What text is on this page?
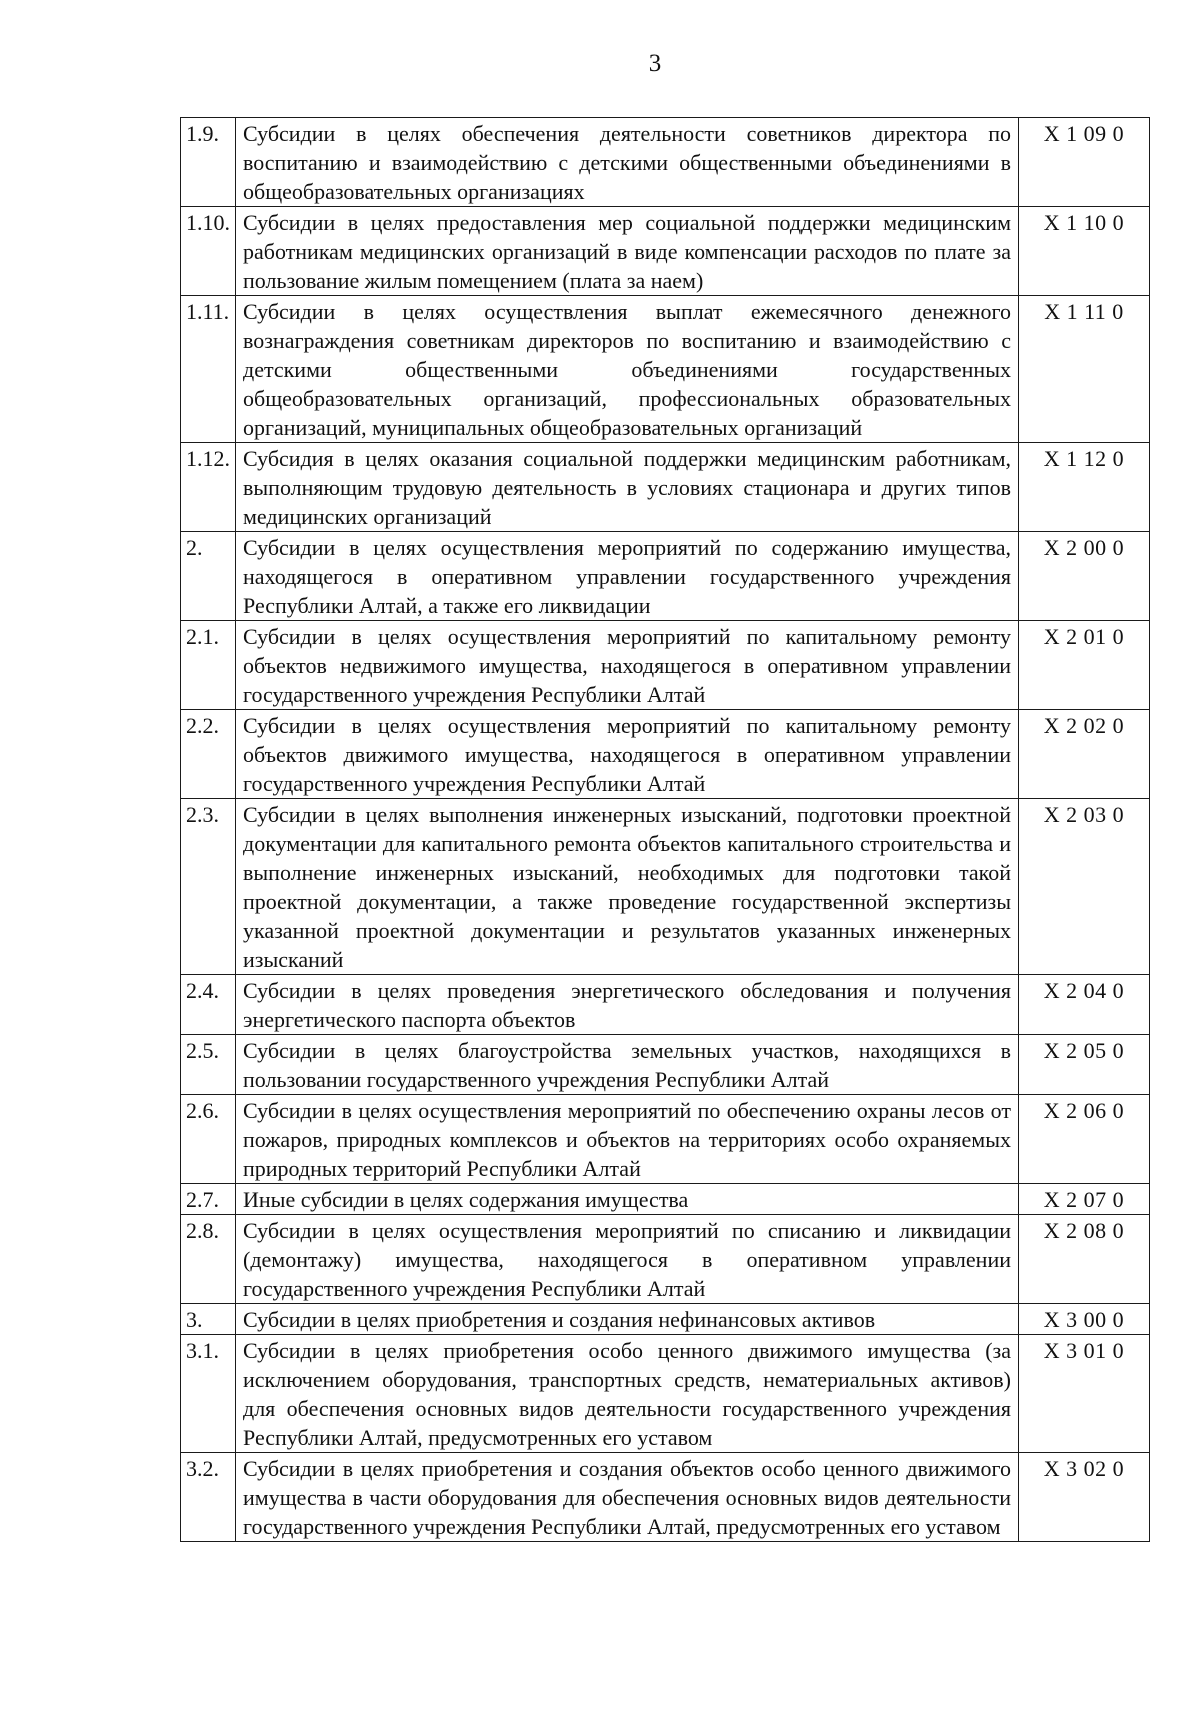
3
1.9.	Субсидии в целях обеспечения деятельности советников директора по воспитанию и взаимодействию с детскими общественными объединениями в общеобразовательных организациях	X 1 09 0
1.10.	Субсидии в целях предоставления мер социальной поддержки медицинским работникам медицинских организаций в виде компенсации расходов по плате за пользование жилым помещением (плата за наем)	X 1 10 0
1.11.	Субсидии в целях осуществления выплат ежемесячного денежного вознаграждения советникам директоров по воспитанию и взаимодействию с детскими общественными объединениями государственных общеобразовательных организаций, профессиональных образовательных организаций, муниципальных общеобразовательных организаций	X 1 11 0
1.12.	Субсидия в целях оказания социальной поддержки медицинским работникам, выполняющим трудовую деятельность в условиях стационара и других типов медицинских организаций	X 1 12 0
2.	Субсидии в целях осуществления мероприятий по содержанию имущества, находящегося в оперативном управлении государственного учреждения Республики Алтай, а также его ликвидации	X 2 00 0
2.1.	Субсидии в целях осуществления мероприятий по капитальному ремонту объектов недвижимого имущества, находящегося в оперативном управлении государственного учреждения Республики Алтай	X 2 01 0
2.2.	Субсидии в целях осуществления мероприятий по капитальному ремонту объектов движимого имущества, находящегося в оперативном управлении государственного учреждения Республики Алтай	X 2 02 0
2.3.	Субсидии в целях выполнения инженерных изысканий, подготовки проектной документации для капитального ремонта объектов капитального строительства и выполнение инженерных изысканий, необходимых для подготовки такой проектной документации, а также проведение государственной экспертизы указанной проектной документации и результатов указанных инженерных изысканий	X 2 03 0
2.4.	Субсидии в целях проведения энергетического обследования и получения энергетического паспорта объектов	X 2 04 0
2.5.	Субсидии в целях благоустройства земельных участков, находящихся в пользовании государственного учреждения Республики Алтай	X 2 05 0
2.6.	Субсидии в целях осуществления мероприятий по обеспечению охраны лесов от пожаров, природных комплексов и объектов на территориях особо охраняемых природных территорий Республики Алтай	X 2 06 0
2.7.	Иные субсидии в целях содержания имущества	X 2 07 0
2.8.	Субсидии в целях осуществления мероприятий по списанию и ликвидации (демонтажу) имущества, находящегося в оперативном управлении государственного учреждения Республики Алтай	X 2 08 0
3.	Субсидии в целях приобретения и создания нефинансовых активов	X 3 00 0
3.1.	Субсидии в целях приобретения особо ценного движимого имущества (за исключением оборудования, транспортных средств, нематериальных активов) для обеспечения основных видов деятельности государственного учреждения Республики Алтай, предусмотренных его уставом	X 3 01 0
3.2.	Субсидии в целях приобретения и создания объектов особо ценного движимого имущества в части оборудования для обеспечения основных видов деятельности государственного учреждения Республики Алтай, предусмотренных его уставом	X 3 02 0
